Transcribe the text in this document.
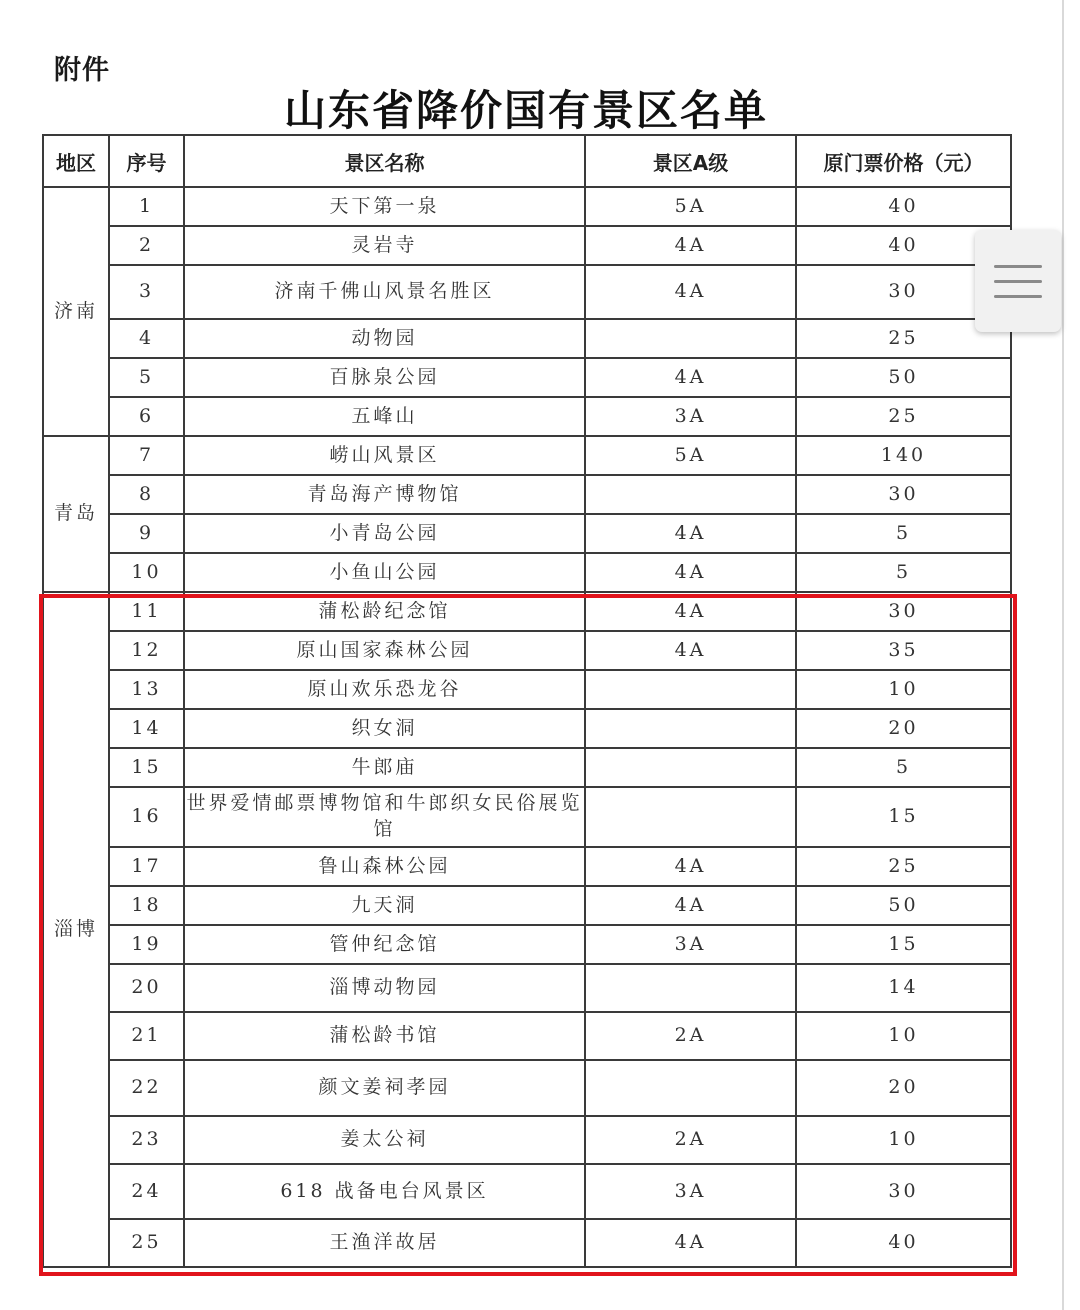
附件
山东省降价国有景区名单
地区	序号	景区名称	景区A级	原门票价格（元）
济南	1	天下第一泉	5A	40
	2	灵岩寺	4A	40
	3	济南千佛山风景名胜区	4A	30
	4	动物园		25
	5	百脉泉公园	4A	50
	6	五峰山	3A	25
青岛	7	崂山风景区	5A	140
	8	青岛海产博物馆		30
	9	小青岛公园	4A	5
	10	小鱼山公园	4A	5
淄博	11	蒲松龄纪念馆	4A	30
	12	原山国家森林公园	4A	35
	13	原山欢乐恐龙谷		10
	14	织女洞		20
	15	牛郎庙		5
	16	世界爱情邮票博物馆和牛郎织女民俗展览馆		15
	17	鲁山森林公园	4A	25
	18	九天洞	4A	50
	19	管仲纪念馆	3A	15
	20	淄博动物园		14
	21	蒲松龄书馆	2A	10
	22	颜文姜祠孝园		20
	23	姜太公祠	2A	10
	24	618 战备电台风景区	3A	30
	25	王渔洋故居	4A	40
